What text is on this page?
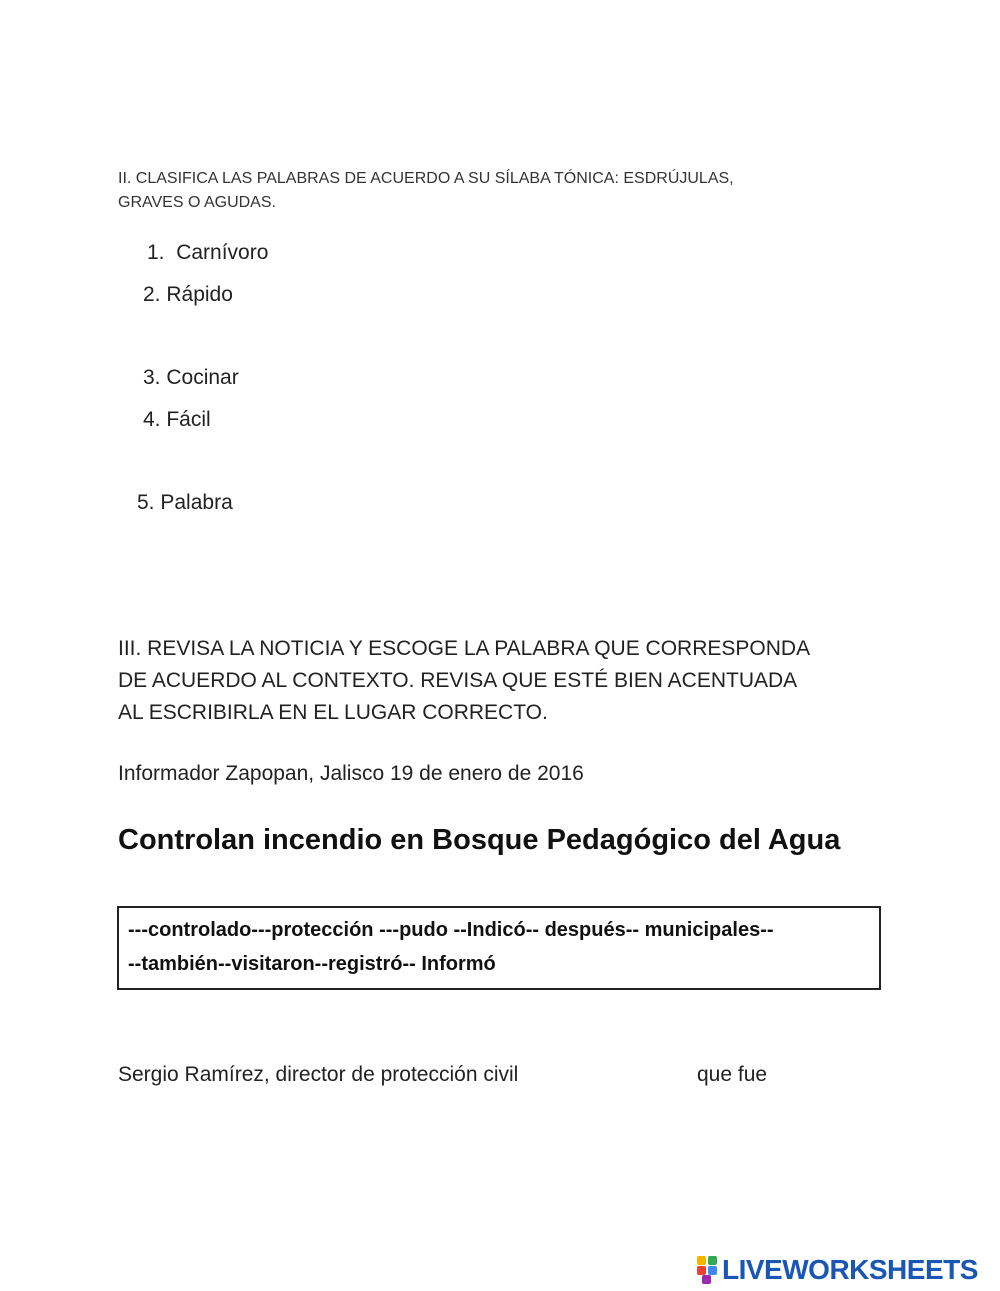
II. CLASIFICA LAS PALABRAS DE ACUERDO A SU SÍLABA TÓNICA: ESDRÚJULAS,
GRAVES O AGUDAS.
1. Carnívoro
2. Rápido
3. Cocinar
4. Fácil
5. Palabra
III. REVISA LA NOTICIA Y ESCOGE LA PALABRA QUE CORRESPONDA
DE ACUERDO AL CONTEXTO. REVISA QUE ESTÉ BIEN ACENTUADA
AL ESCRIBIRLA EN EL LUGAR CORRECTO.
Informador Zapopan, Jalisco 19 de enero de 2016
Controlan incendio en Bosque Pedagógico del Agua
---controlado---protección ---pudo --Indicó-- después-- municipales--
--también--visitaron--registró-- Informó
Sergio Ramírez, director de protección civil	que fue
LIVEWORKSHEETS
